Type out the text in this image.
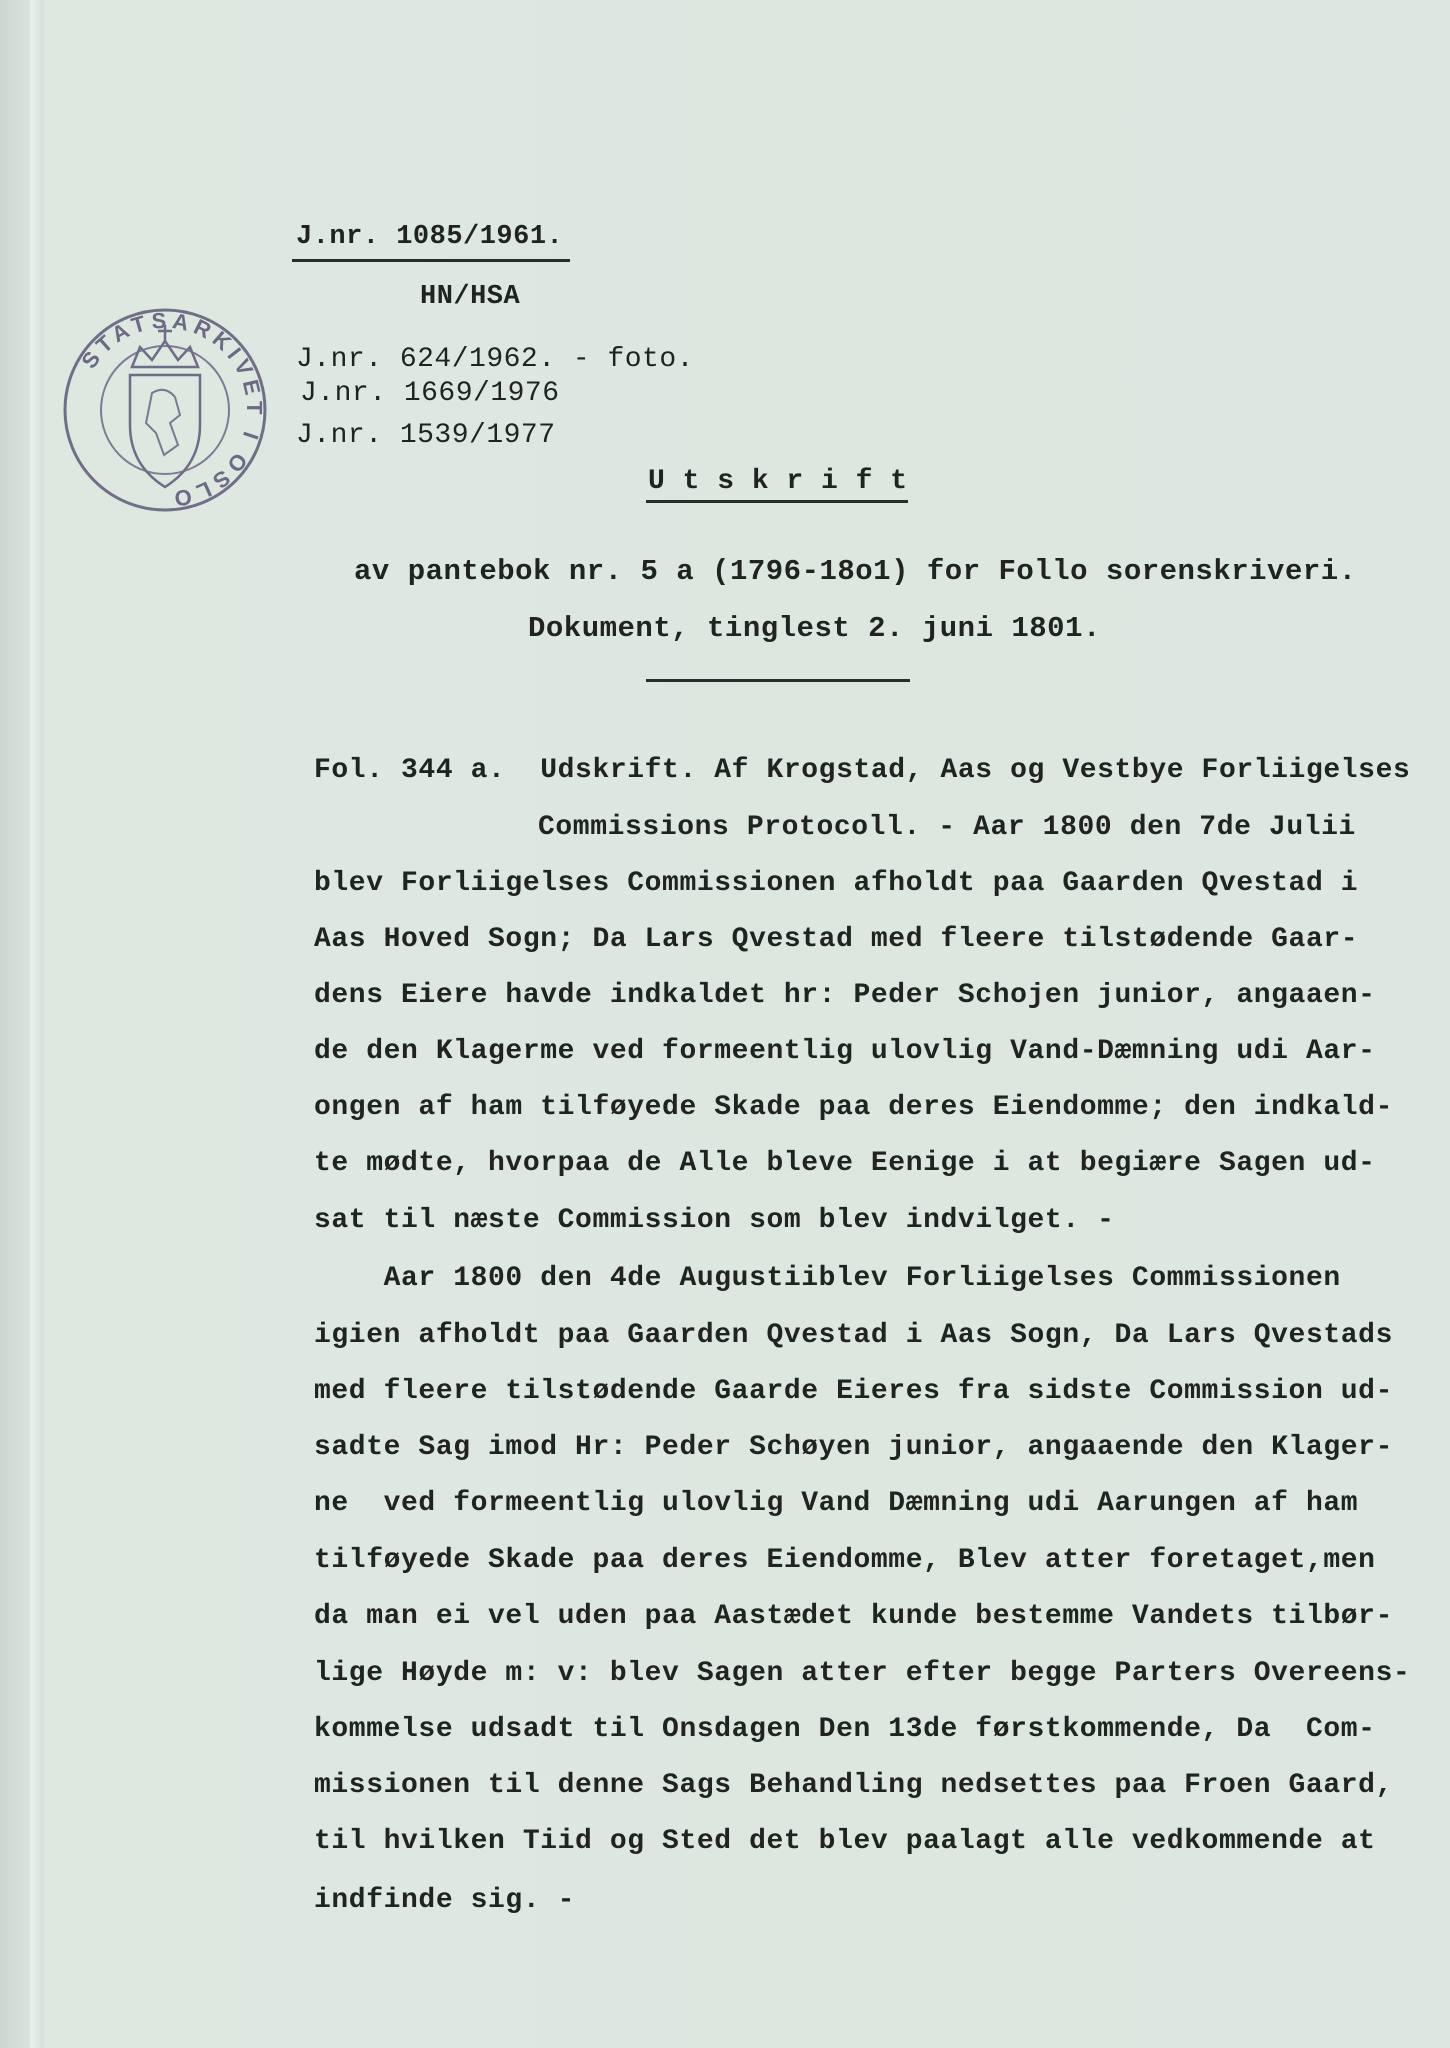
J.nr. 1085/1961.
HN/HSA
J.nr. 624/1962. - foto.
J.nr. 1669/1976
J.nr. 1539/1977
STATSARKIVET I OSLO
U t s k r i f t
av pantebok nr. 5 a (1796-18o1) for Follo sorenskriveri.
Dokument, tinglest 2. juni 1801.
Fol. 344 a.  Udskrift. Af Krogstad, Aas og Vestbye Forliigelses
Commissions Protocoll. - Aar 1800 den 7de Julii
blev Forliigelses Commissionen afholdt paa Gaarden Qvestad i
Aas Hoved Sogn; Da Lars Qvestad med fleere tilstødende Gaar-
dens Eiere havde indkaldet hr: Peder Schojen junior, angaaen-
de den Klagerme ved formeentlig ulovlig Vand-Dæmning udi Aar-
ongen af ham tilføyede Skade paa deres Eiendomme; den indkald-
te mødte, hvorpaa de Alle bleve Eenige i at begiære Sagen ud-
sat til næste Commission som blev indvilget. -
Aar 1800 den 4de Augustiiblev Forliigelses Commissionen
igien afholdt paa Gaarden Qvestad i Aas Sogn, Da Lars Qvestads
med fleere tilstødende Gaarde Eieres fra sidste Commission ud-
sadte Sag imod Hr: Peder Schøyen junior, angaaende den Klager-
ne  ved formeentlig ulovlig Vand Dæmning udi Aarungen af ham
tilføyede Skade paa deres Eiendomme, Blev atter foretaget,men
da man ei vel uden paa Aastædet kunde bestemme Vandets tilbør-
lige Høyde m: v: blev Sagen atter efter begge Parters Overeens-
kommelse udsadt til Onsdagen Den 13de førstkommende, Da  Com-
missionen til denne Sags Behandling nedsettes paa Froen Gaard,
til hvilken Tiid og Sted det blev paalagt alle vedkommende at
indfinde sig. -
